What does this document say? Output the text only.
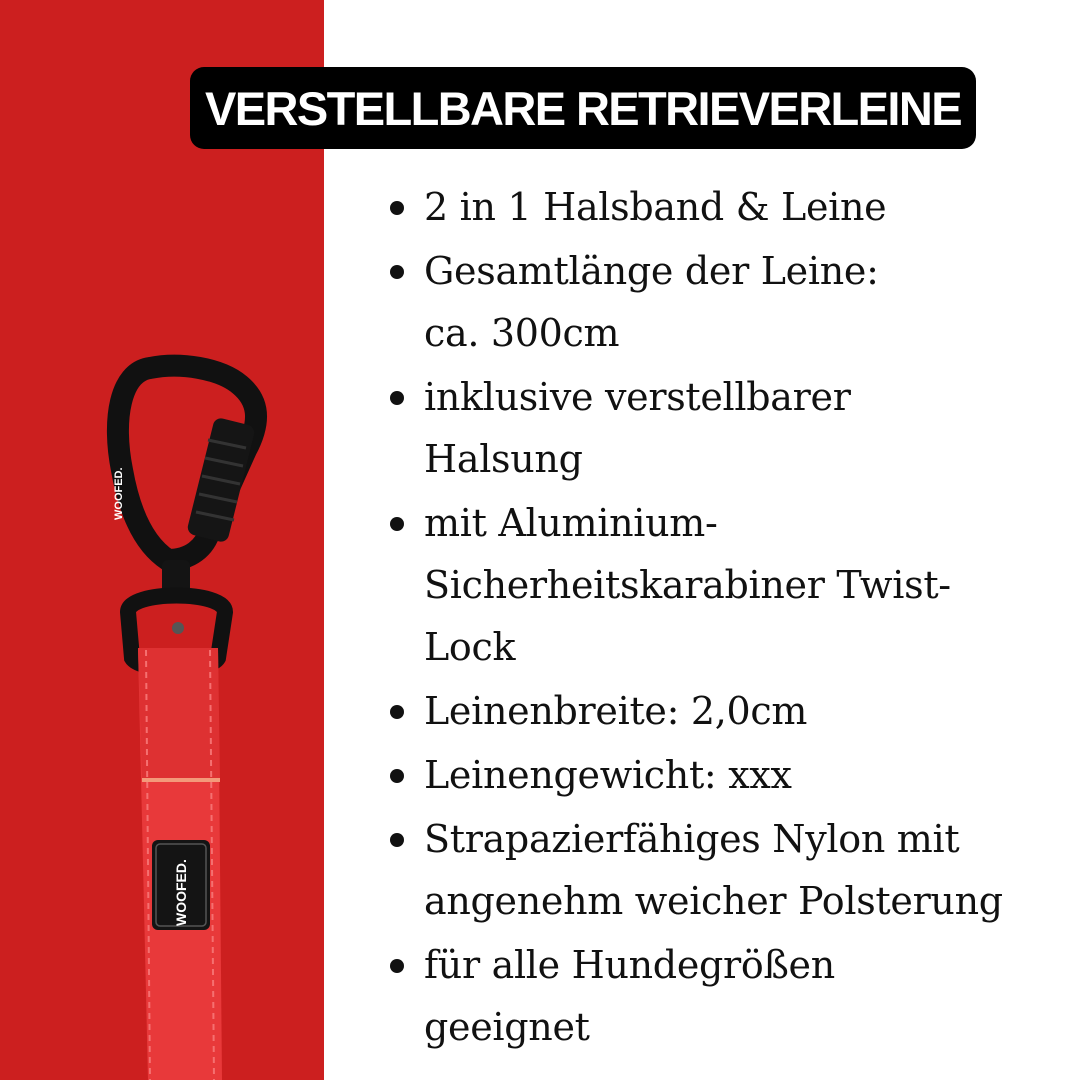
WOOFED.
WOOFED.
VERSTELLBARE RETRIEVERLEINE
2 in 1 Halsband & Leine
Gesamtlänge der Leine:
ca. 300cm
inklusive verstellbarer
Halsung
mit Aluminium-
Sicherheitskarabiner Twist-
Lock
Leinenbreite: 2,0cm
Leinengewicht: xxx
Strapazierfähiges Nylon mit
angenehm weicher Polsterung
für alle Hundegrößen
geeignet
